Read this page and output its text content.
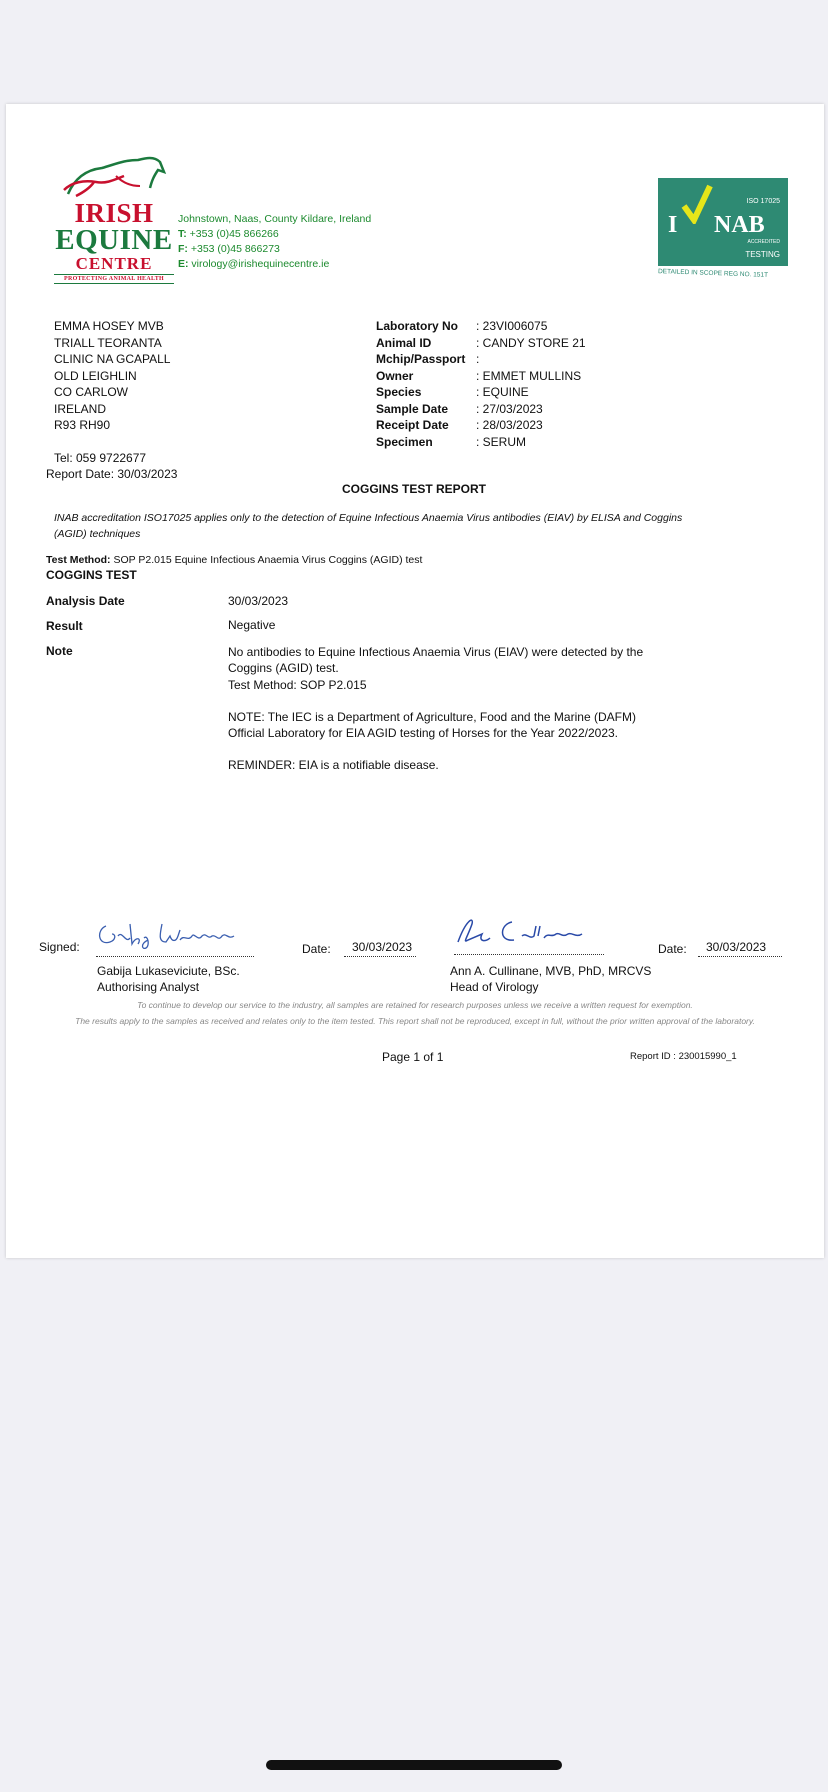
IRISH
EQUINE
CENTRE
PROTECTING ANIMAL HEALTH
Johnstown, Naas, County Kildare, Ireland
T: +353 (0)45 866266
F: +353 (0)45 866273
E: virology@irishequinecentre.ie
ISO 17025
I NAB
ACCREDITED
TESTING
DETAILED IN SCOPE REG NO. 151T
EMMA HOSEY MVB
TRIALL TEORANTA
CLINIC NA GCAPALL
OLD LEIGHLIN
CO CARLOW
IRELAND
R93 RH90
Tel: 059 9722677
Report Date: 30/03/2023
Laboratory No : 23VI006075
Animal ID	: CANDY STORE 21
Mchip/Passport :
Owner	: EMMET MULLINS
Species	: EQUINE
Sample Date : 27/03/2023
Receipt Date : 28/03/2023
Specimen	: SERUM
COGGINS TEST REPORT
INAB accreditation ISO17025 applies only to the detection of Equine Infectious Anaemia Virus antibodies (EIAV) by ELISA and Coggins (AGID) techniques
Test Method: SOP P2.015 Equine Infectious Anaemia Virus Coggins (AGID) test
COGGINS TEST
Analysis Date	30/03/2023
Result	Negative
Note	No antibodies to Equine Infectious Anaemia Virus (EIAV) were detected by the Coggins (AGID) test.

Test Method: SOP P2.015

NOTE: The IEC is a Department of Agriculture, Food and the Marine (DAFM) Official Laboratory for EIA AGID testing of Horses for the Year 2022/2023.

REMINDER: EIA is a notifiable disease.

Signed:	Date: 30/03/2023
Gabija Lukaseviciute, BSc.
Authorising Analyst
Date: 30/03/2023
Ann A. Cullinane, MVB, PhD, MRCVS
Head of Virology
To continue to develop our service to the industry, all samples are retained for research purposes unless we receive a written request for exemption.
The results apply to the samples as received and relates only to the item tested. This report shall not be reproduced, except in full, without the prior written approval of the laboratory.
Page 1 of 1	Report ID : 230015990_1
